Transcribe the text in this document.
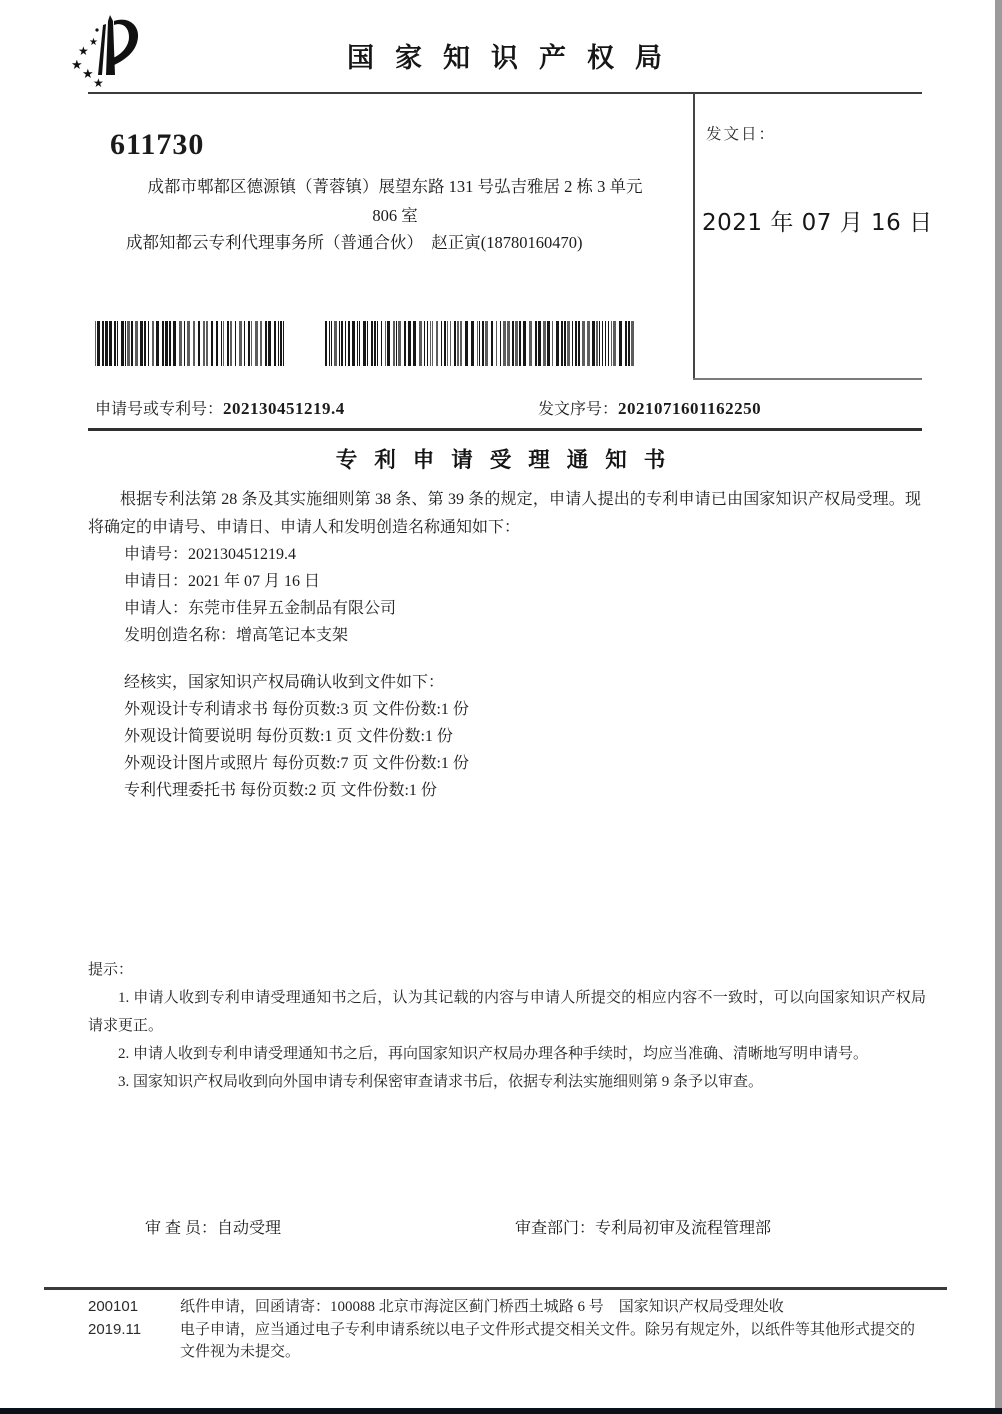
★
★
★
★
★
国家知识产权局
611730
成都市郫都区德源镇（菁蓉镇）展望东路 131 号弘吉雅居 2 栋 3 单元
806 室
成都知都云专利代理事务所（普通合伙）　赵正寅(18780160470)
发文日：
2021 年 07 月 16 日
申请号或专利号：202130451219.4	发文序号：2021071601162250
专利申请受理通知书
根据专利法第 28 条及其实施细则第 38 条、第 39 条的规定，申请人提出的专利申请已由国家知识产权局受理。现将确定的申请号、申请日、申请人和发明创造名称通知如下：
申请号：202130451219.4
申请日：2021 年 07 月 16 日
申请人：东莞市佳昇五金制品有限公司
发明创造名称：增高笔记本支架
经核实，国家知识产权局确认收到文件如下：
外观设计专利请求书 每份页数:3 页 文件份数:1 份
外观设计简要说明 每份页数:1 页 文件份数:1 份
外观设计图片或照片 每份页数:7 页 文件份数:1 份
专利代理委托书 每份页数:2 页 文件份数:1 份

提示：

1. 申请人收到专利申请受理通知书之后，认为其记载的内容与申请人所提交的相应内容不一致时，可以向国家知识产权局请求更正。

2. 申请人收到专利申请受理通知书之后，再向国家知识产权局办理各种手续时，均应当准确、清晰地写明申请号。

3. 国家知识产权局收到向外国申请专利保密审查请求书后，依据专利法实施细则第 9 条予以审查。

审 查 员：自动受理	审查部门：专利局初审及流程管理部
200101
2019.11
纸件申请，回函请寄：100088 北京市海淀区蓟门桥西土城路 6 号　国家知识产权局受理处收
电子申请，应当通过电子专利申请系统以电子文件形式提交相关文件。除另有规定外，以纸件等其他形式提交的文件视为未提交。
